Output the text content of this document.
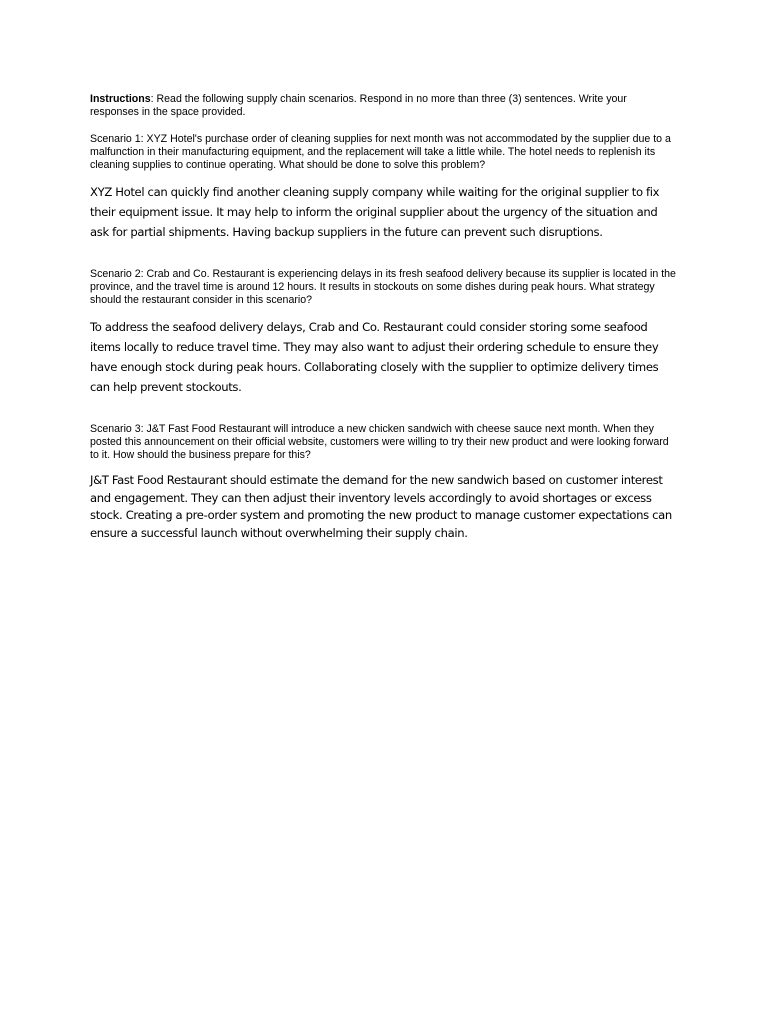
Instructions: Read the following supply chain scenarios. Respond in no more than three (3) sentences. Write your responses in the space provided.

Scenario 1: XYZ Hotel's purchase order of cleaning supplies for next month was not accommodated by the supplier due to a malfunction in their manufacturing equipment, and the replacement will take a little while. The hotel needs to replenish its cleaning supplies to continue operating. What should be done to solve this problem?

XYZ Hotel can quickly find another cleaning supply company while waiting for the original supplier to fix their equipment issue. It may help to inform the original supplier about the urgency of the situation and ask for partial shipments. Having backup suppliers in the future can prevent such disruptions.

Scenario 2: Crab and Co. Restaurant is experiencing delays in its fresh seafood delivery because its supplier is located in the province, and the travel time is around 12 hours. It results in stockouts on some dishes during peak hours. What strategy should the restaurant consider in this scenario?

To address the seafood delivery delays, Crab and Co. Restaurant could consider storing some seafood items locally to reduce travel time. They may also want to adjust their ordering schedule to ensure they have enough stock during peak hours. Collaborating closely with the supplier to optimize delivery times can help prevent stockouts.

Scenario 3: J&T Fast Food Restaurant will introduce a new chicken sandwich with cheese sauce next month. When they posted this announcement on their official website, customers were willing to try their new product and were looking forward to it. How should the business prepare for this?

J&T Fast Food Restaurant should estimate the demand for the new sandwich based on customer interest and engagement. They can then adjust their inventory levels accordingly to avoid shortages or excess stock. Creating a pre-order system and promoting the new product to manage customer expectations can ensure a successful launch without overwhelming their supply chain.
